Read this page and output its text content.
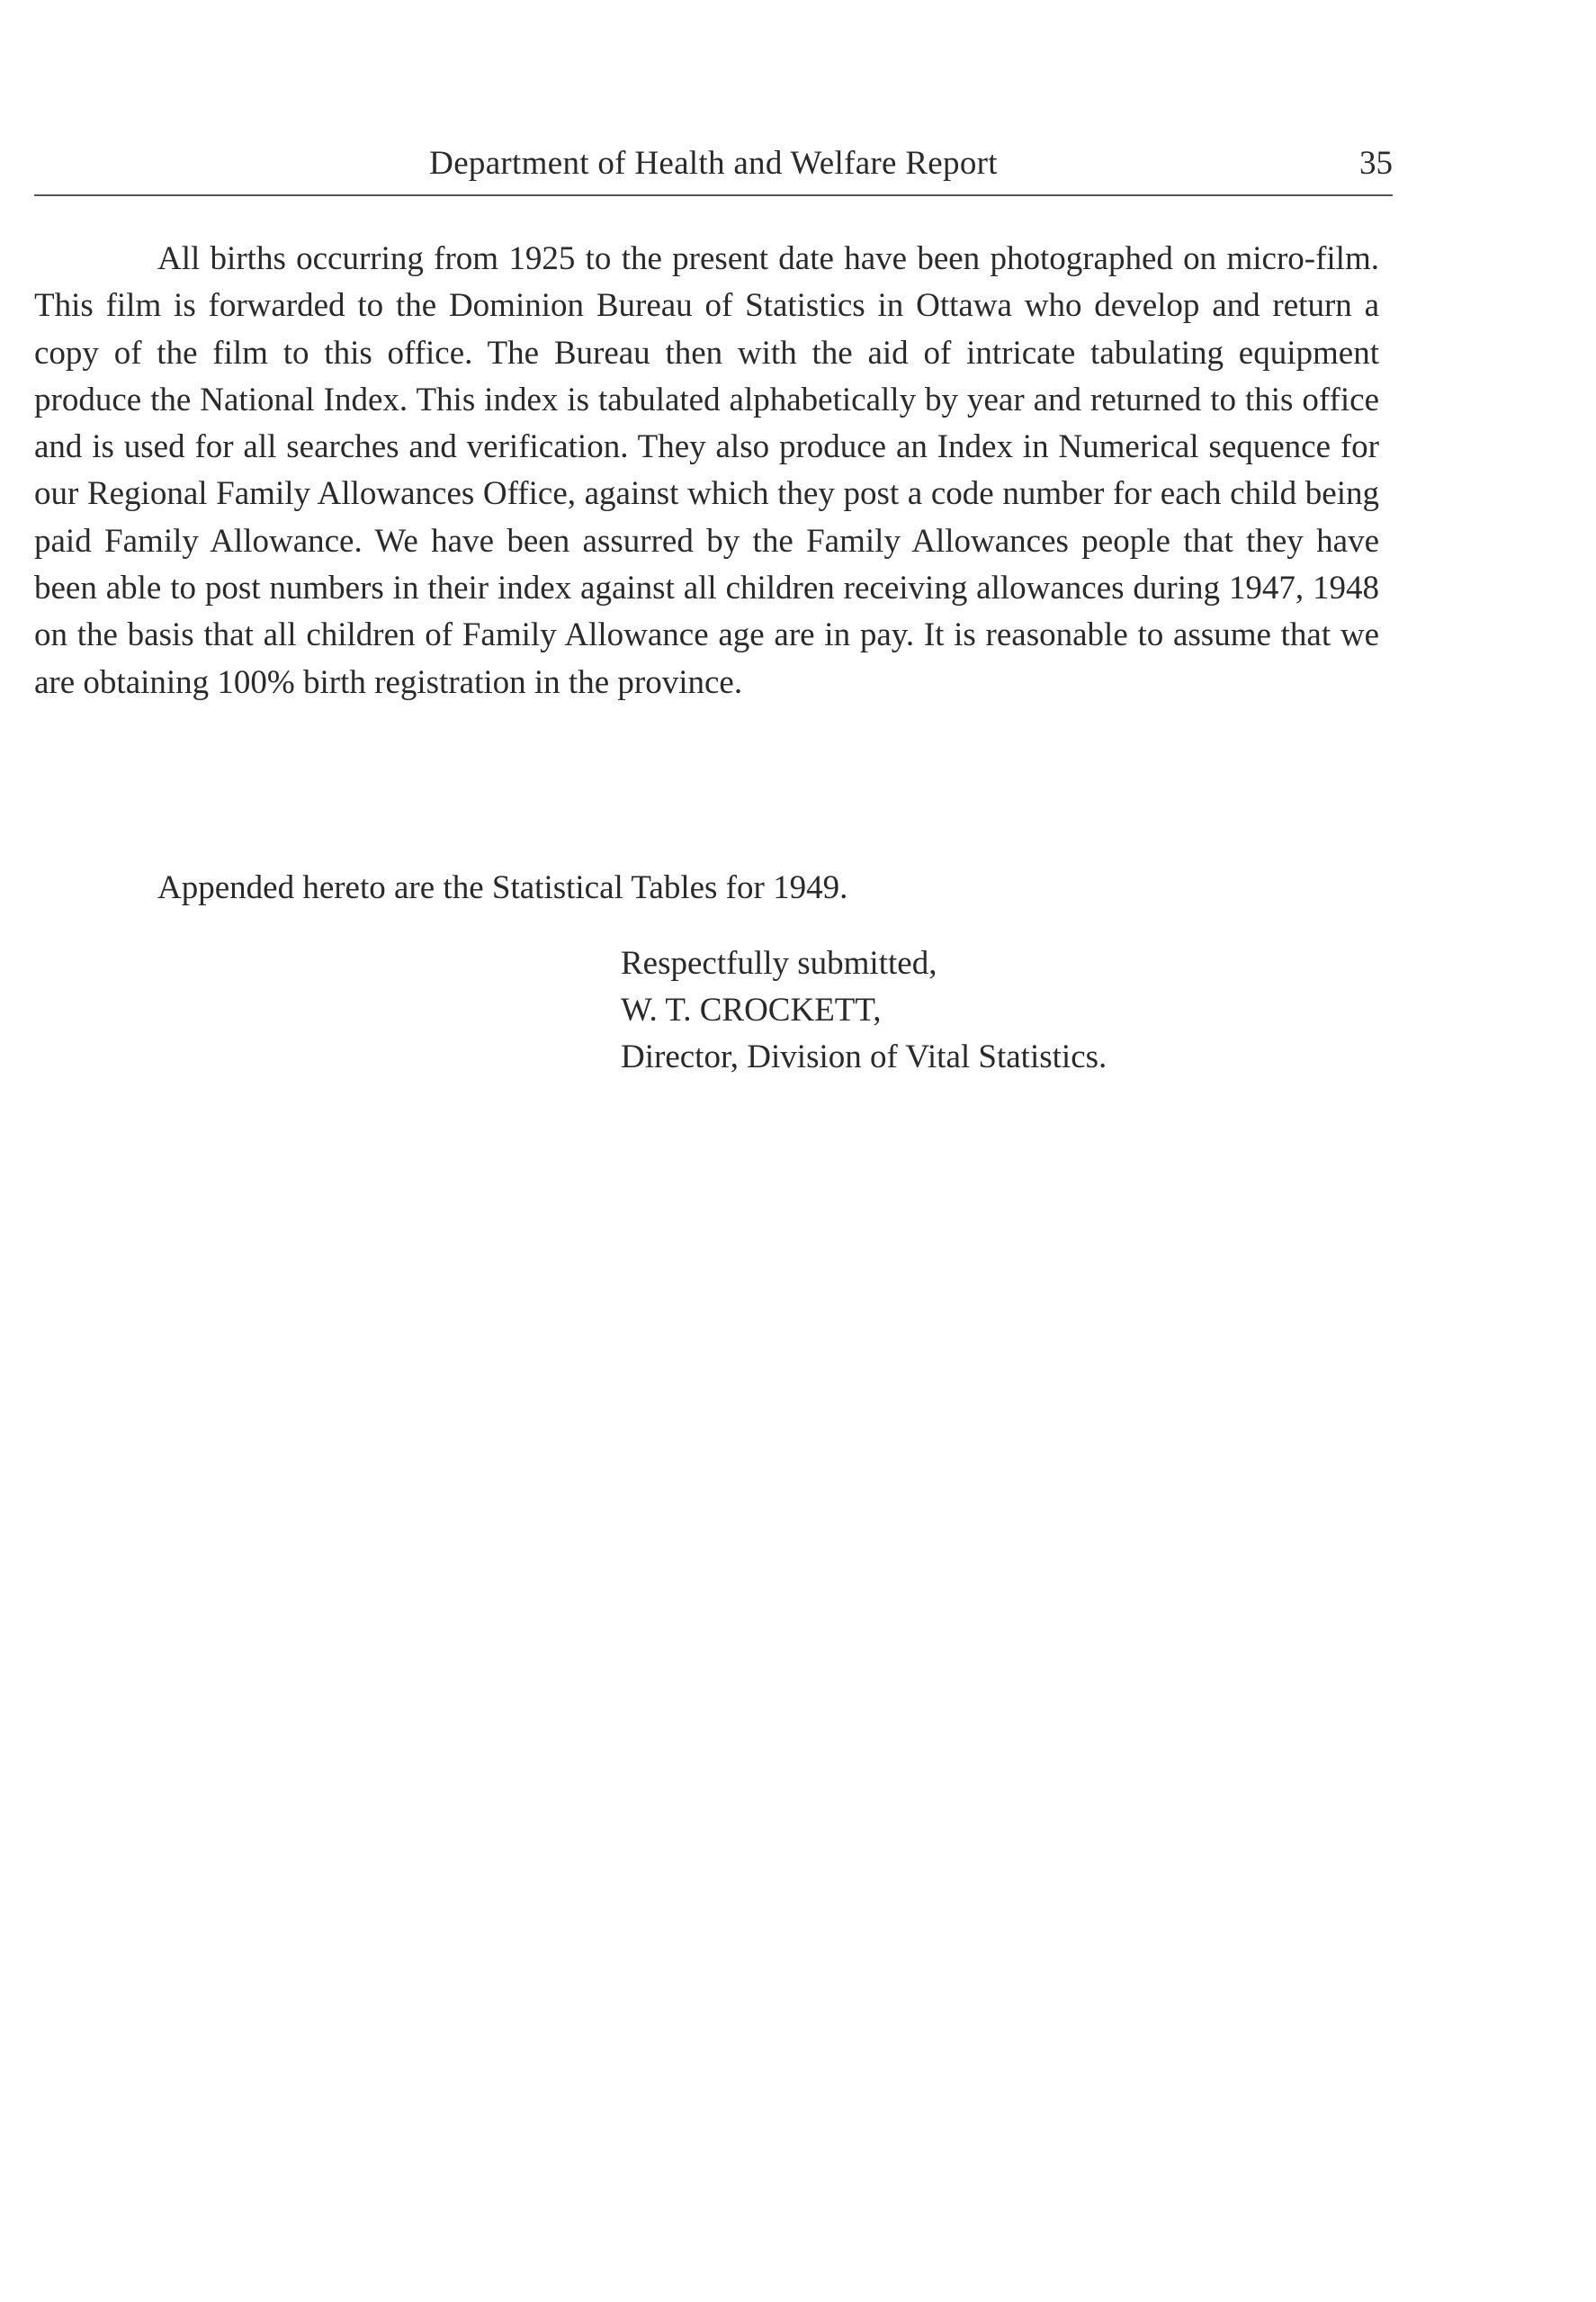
Department of Health and Welfare Report	35

All births occurring from 1925 to the present date have been photographed on micro-film. This film is forwarded to the Dominion Bureau of Statistics in Ottawa who develop and return a copy of the film to this office. The Bureau then with the aid of intricate tabulating equipment produce the National Index. This index is tabulated alphabetically by year and returned to this office and is used for all searches and verification. They also produce an Index in Numerical sequence for our Regional Family Allowances Office, against which they post a code number for each child being paid Family Allowance. We have been assurred by the Family Allowances people that they have been able to post numbers in their index against all children receiving allowances during 1947, 1948 on the basis that all children of Family Allowance age are in pay. It is reasonable to assume that we are obtaining 100% birth registration in the province.

Appended hereto are the Statistical Tables for 1949.

Respectfully submitted,
W. T. CROCKETT,
Director, Division of Vital Statistics.
